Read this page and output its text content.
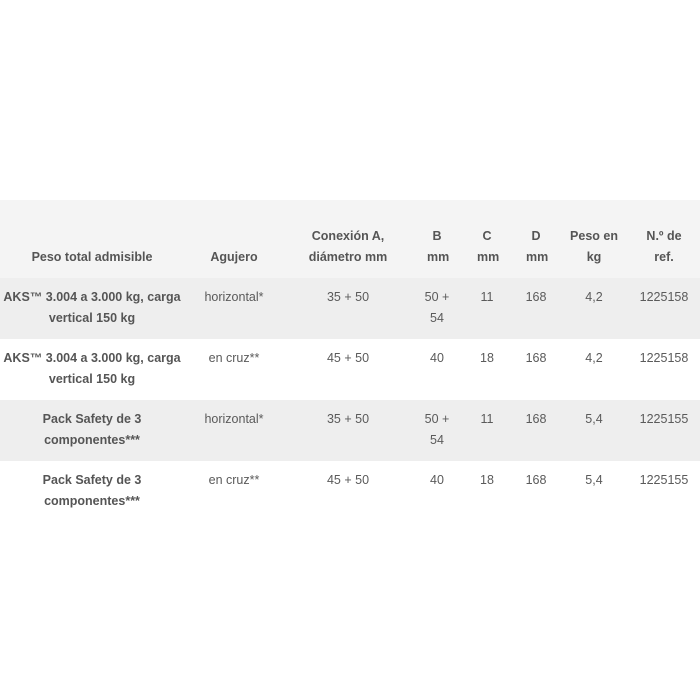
Peso total admisible	Agujero	Conexión A, diámetro mm	B mm	C mm	D mm	Peso en kg	N.º de ref.
AKS™ 3.004 a 3.000 kg, carga vertical 150 kg	horizontal*	35 + 50	50 + 54	11	168	4,2	1225158
AKS™ 3.004 a 3.000 kg, carga vertical 150 kg	en cruz**	45 + 50	40	18	168	4,2	1225158
Pack Safety de 3 componentes***	horizontal*	35 + 50	50 + 54	11	168	5,4	1225155
Pack Safety de 3 componentes***	en cruz**	45 + 50	40	18	168	5,4	1225155
